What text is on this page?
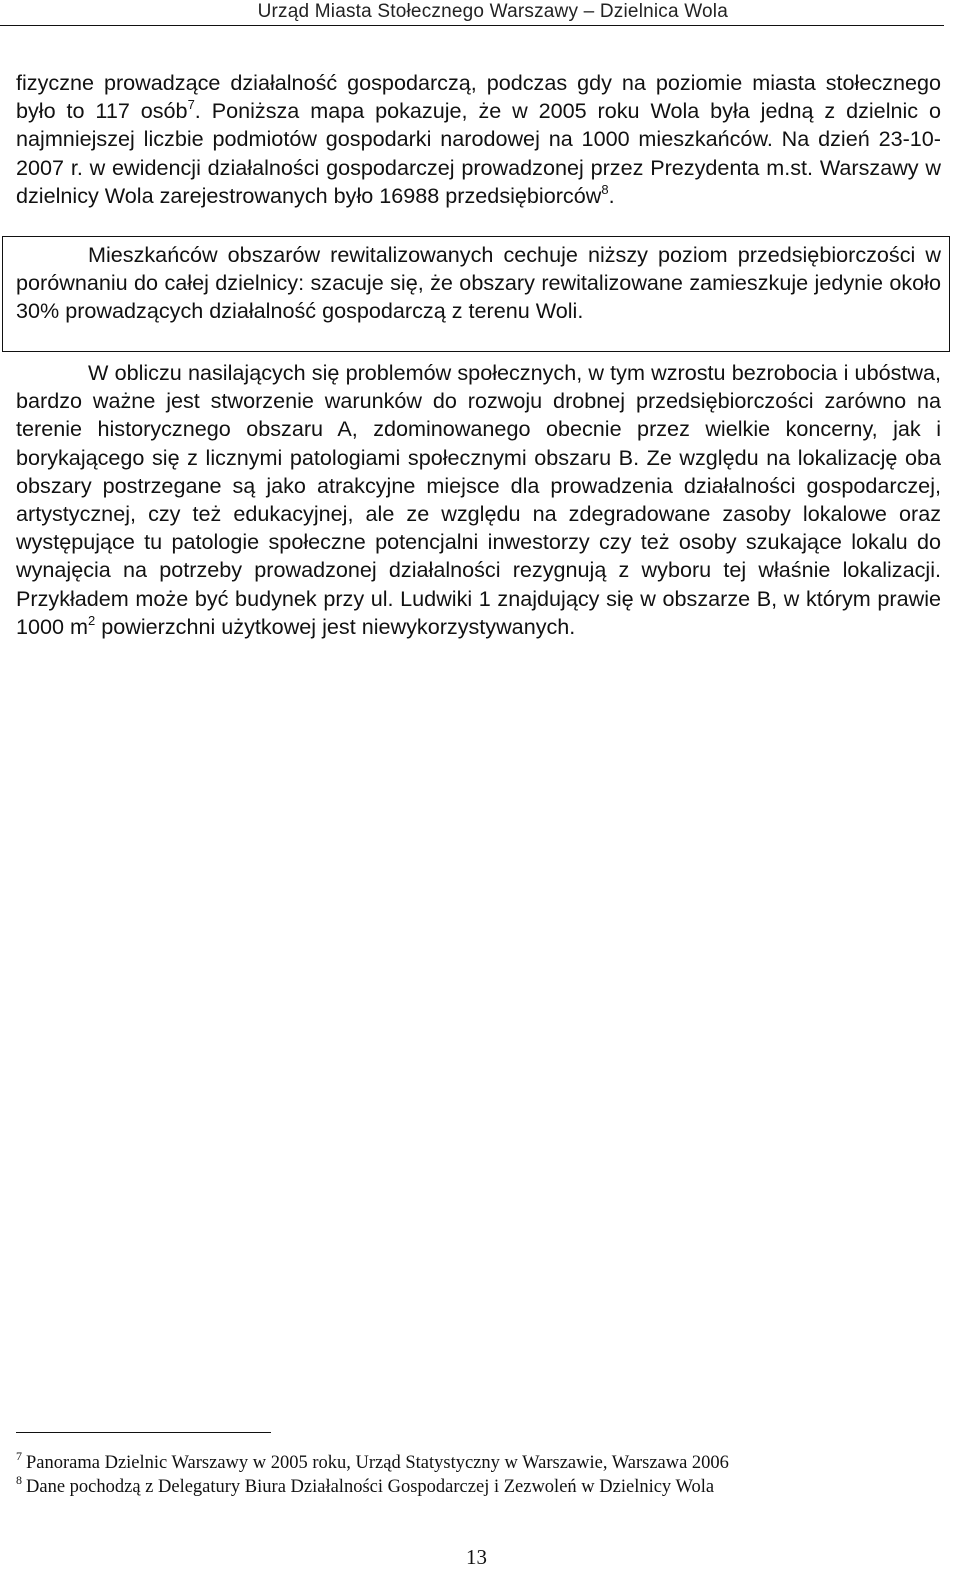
Urząd Miasta Stołecznego Warszawy – Dzielnica Wola

fizyczne prowadzące działalność gospodarczą, podczas gdy na poziomie miasta stołecznego było to 117 osób$^7$. Poniższa mapa pokazuje, że w 2005 roku Wola była jedną z dzielnic o najmniejszej liczbie podmiotów gospodarki narodowej na 1000 mieszkańców. Na dzień 23-10-2007 r. w ewidencji działalności gospodarczej prowadzonej przez Prezydenta m.st. Warszawy w dzielnicy Wola zarejestrowanych było 16988 przedsiębiorców$^8$.

Mieszkańców obszarów rewitalizowanych cechuje niższy poziom przedsiębiorczości w porównaniu do całej dzielnicy: szacuje się, że obszary rewitalizowane zamieszkuje jedynie około 30% prowadzących działalność gospodarczą z terenu Woli.

W obliczu nasilających się problemów społecznych, w tym wzrostu bezrobocia i ubóstwa, bardzo ważne jest stworzenie warunków do rozwoju drobnej przedsiębiorczości zarówno na terenie historycznego obszaru A, zdominowanego obecnie przez wielkie koncerny, jak i borykającego się z licznymi patologiami społecznymi obszaru B. Ze względu na lokalizację oba obszary postrzegane są jako atrakcyjne miejsce dla prowadzenia działalności gospodarczej, artystycznej, czy też edukacyjnej, ale ze względu na zdegradowane zasoby lokalowe oraz występujące tu patologie społeczne potencjalni inwestorzy czy też osoby szukające lokalu do wynajęcia na potrzeby prowadzonej działalności rezygnują z wyboru tej właśnie lokalizacji. Przykładem może być budynek przy ul. Ludwiki 1 znajdujący się w obszarze B, w którym prawie 1000 $m^2$ powierzchni użytkowej jest niewykorzystywanych.

$^7$ Panorama Dzielnic Warszawy w 2005 roku, Urząd Statystyczny w Warszawie, Warszawa 2006
$^8$ Dane pochodzą z Delegatury Biura Działalności Gospodarczej i Zezwoleń w Dzielnicy Wola
13
